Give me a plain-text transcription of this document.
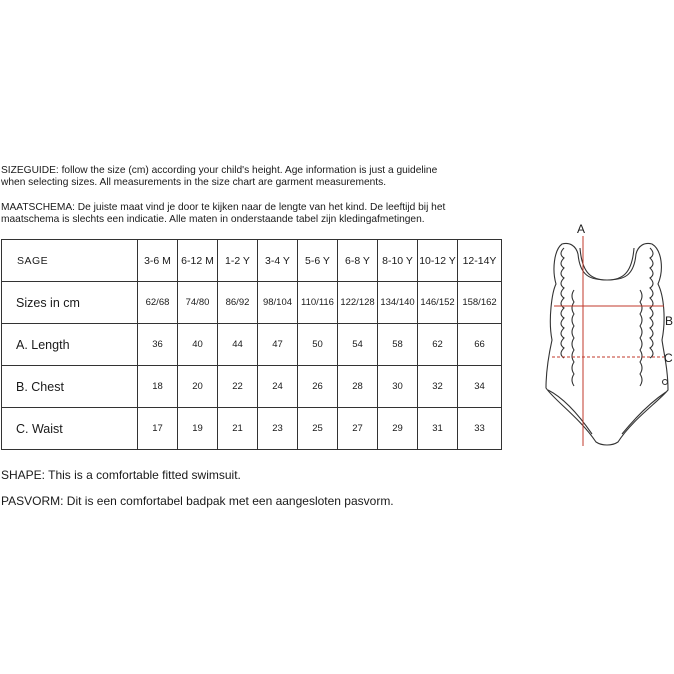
SIZEGUIDE: follow the size (cm) according your child's height. Age information is just a guideline
when selecting sizes. All measurements in the size chart are garment measurements.
MAATSCHEMA: De juiste maat vind je door te kijken naar de lengte van het kind. De leeftijd bij het
maatschema is slechts een indicatie. Alle maten in onderstaande tabel zijn kledingafmetingen.
SAGE	3-6 M	6-12 M	1-2 Y	3-4 Y	5-6 Y	6-8 Y	8-10 Y	10-12 Y	12-14Y
Sizes in cm	62/68	74/80	86/92	98/104	110/116	122/128	134/140	146/152	158/162
A. Length	36	40	44	47	50	54	58	62	66
B. Chest	18	20	22	24	26	28	30	32	34
C. Waist	17	19	21	23	25	27	29	31	33
SHAPE: This is a comfortable fitted swimsuit.
PASVORM: Dit is een comfortabel badpak met een aangesloten pasvorm.
A
B
C
